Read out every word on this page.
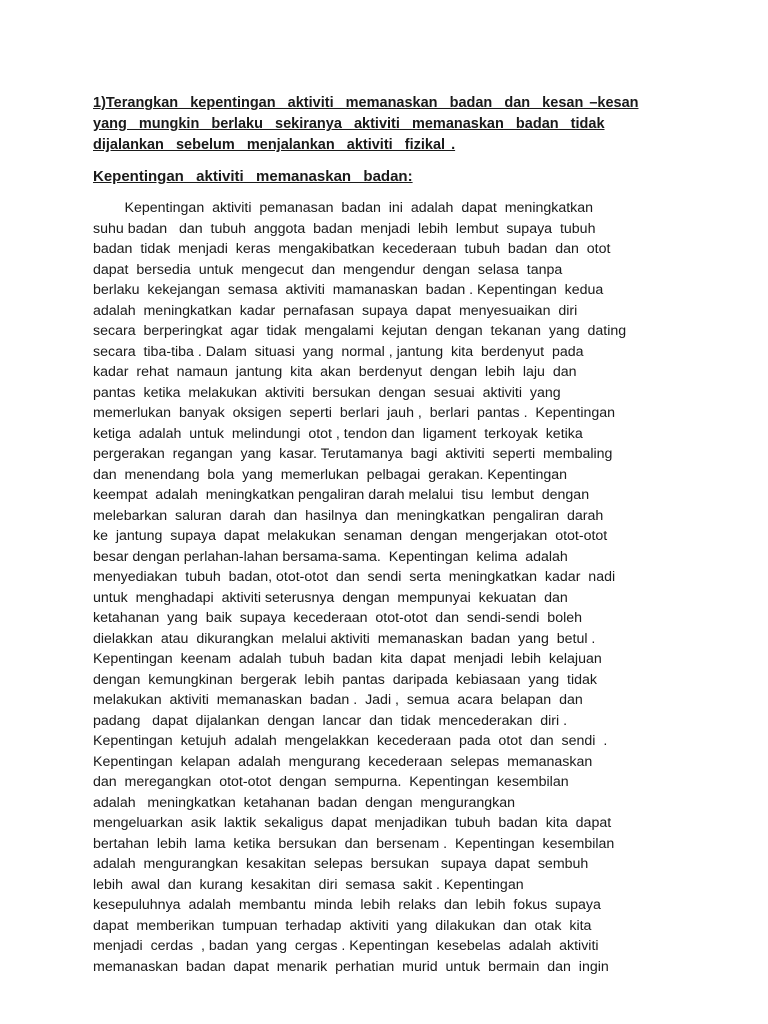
1)Terangkan  kepentingan  aktiviti  memanaskan  badan  dan  kesan –kesan
yang  mungkin  berlaku  sekiranya  aktiviti  memanaskan  badan  tidak
dijalankan  sebelum  menjalankan  aktiviti  fizikal .

Kepentingan  aktiviti  memanaskan  badan:

Kepentingan  aktiviti  pemanasan  badan  ini  adalah  dapat  meningkatkan
suhu badan   dan  tubuh  anggota  badan  menjadi  lebih  lembut  supaya  tubuh
badan  tidak  menjadi  keras  mengakibatkan  kecederaan  tubuh  badan  dan  otot
dapat  bersedia  untuk  mengecut  dan  mengendur  dengan  selasa  tanpa
berlaku  kekejangan  semasa  aktiviti  mamanaskan  badan . Kepentingan  kedua
adalah  meningkatkan  kadar  pernafasan  supaya  dapat  menyesuaikan  diri
secara  berperingkat  agar  tidak  mengalami  kejutan  dengan  tekanan  yang  dating
secara  tiba-tiba . Dalam  situasi  yang  normal , jantung  kita  berdenyut  pada
kadar  rehat  namaun  jantung  kita  akan  berdenyut  dengan  lebih  laju  dan
pantas  ketika  melakukan  aktiviti  bersukan  dengan  sesuai  aktiviti  yang
memerlukan  banyak  oksigen  seperti  berlari  jauh ,  berlari  pantas .  Kepentingan
ketiga  adalah  untuk  melindungi  otot , tendon dan  ligament  terkoyak  ketika
pergerakan  regangan  yang  kasar. Terutamanya  bagi  aktiviti  seperti  membaling
dan  menendang  bola  yang  memerlukan  pelbagai  gerakan. Kepentingan
keempat  adalah  meningkatkan pengaliran darah melalui  tisu  lembut  dengan
melebarkan  saluran  darah  dan  hasilnya  dan  meningkatkan  pengaliran  darah
ke  jantung  supaya  dapat  melakukan  senaman  dengan  mengerjakan  otot-otot
besar dengan perlahan-lahan bersama-sama.  Kepentingan  kelima  adalah
menyediakan  tubuh  badan, otot-otot  dan  sendi  serta  meningkatkan  kadar  nadi
untuk  menghadapi  aktiviti seterusnya  dengan  mempunyai  kekuatan  dan
ketahanan  yang  baik  supaya  kecederaan  otot-otot  dan  sendi-sendi  boleh
dielakkan  atau  dikurangkan  melalui aktiviti  memanaskan  badan  yang  betul .
Kepentingan  keenam  adalah  tubuh  badan  kita  dapat  menjadi  lebih  kelajuan
dengan  kemungkinan  bergerak  lebih  pantas  daripada  kebiasaan  yang  tidak
melakukan  aktiviti  memanaskan  badan .  Jadi ,  semua  acara  belapan  dan
padang   dapat  dijalankan  dengan  lancar  dan  tidak  mencederakan  diri .
Kepentingan  ketujuh  adalah  mengelakkan  kecederaan  pada  otot  dan  sendi  .
Kepentingan  kelapan  adalah  mengurang  kecederaan  selepas  memanaskan
dan  meregangkan  otot-otot  dengan  sempurna.  Kepentingan  kesembilan
adalah   meningkatkan  ketahanan  badan  dengan  mengurangkan
mengeluarkan  asik  laktik  sekaligus  dapat  menjadikan  tubuh  badan  kita  dapat
bertahan  lebih  lama  ketika  bersukan  dan  bersenam .  Kepentingan  kesembilan
adalah  mengurangkan  kesakitan  selepas  bersukan   supaya  dapat  sembuh
lebih  awal  dan  kurang  kesakitan  diri  semasa  sakit . Kepentingan
kesepuluhnya  adalah  membantu  minda  lebih  relaks  dan  lebih  fokus  supaya
dapat  memberikan  tumpuan  terhadap  aktiviti  yang  dilakukan  dan  otak  kita
menjadi  cerdas  , badan  yang  cergas . Kepentingan  kesebelas  adalah  aktiviti
memanaskan  badan  dapat  menarik  perhatian  murid  untuk  bermain  dan  ingin
